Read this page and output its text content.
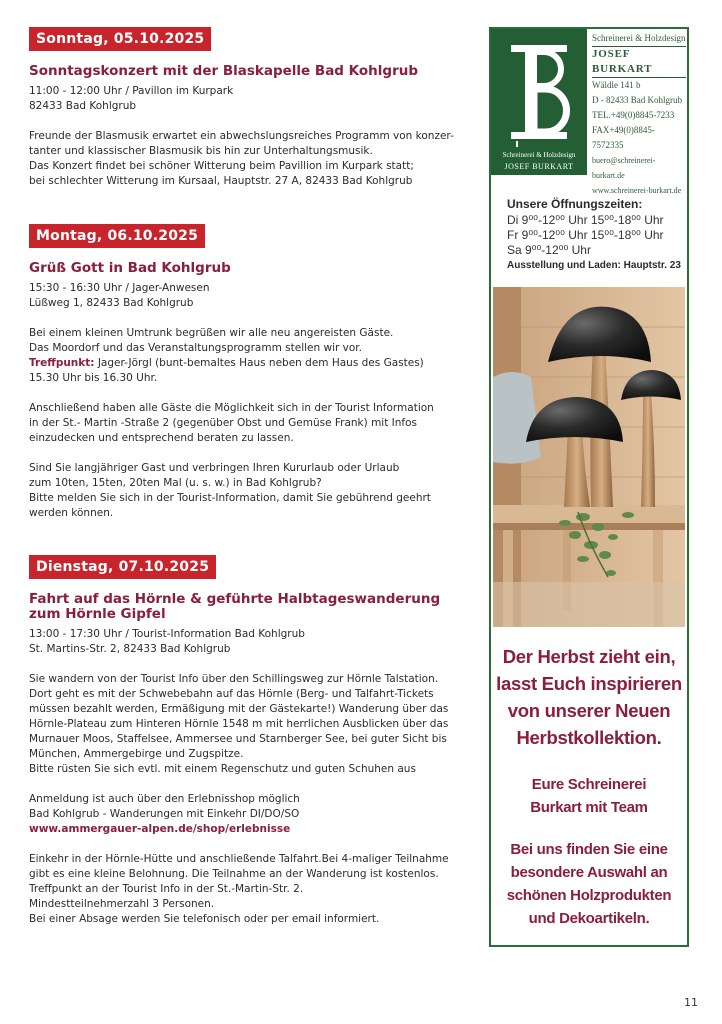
Sonntag, 05.10.2025
Sonntagskonzert mit der Blaskapelle Bad Kohlgrub

11:00 - 12:00 Uhr / Pavillon im Kurpark

82433 Bad Kohlgrub

Freunde der Blasmusik erwartet ein abwechslungsreiches Programm von konzer-

tanter und klassischer Blasmusik bis hin zur Unterhaltungsmusik.

Das Konzert findet bei schöner Witterung beim Pavillion im Kurpark statt;

bei schlechter Witterung im Kursaal, Hauptstr. 27 A, 82433 Bad Kohlgrub

Montag, 06.10.2025
Grüß Gott in Bad Kohlgrub

15:30 - 16:30 Uhr / Jager-Anwesen

Lüßweg 1, 82433 Bad Kohlgrub

Bei einem kleinen Umtrunk begrüßen wir alle neu angereisten Gäste.

Das Moordorf und das Veranstaltungsprogramm stellen wir vor.

Treffpunkt: Jager-Jörgl (bunt-bemaltes Haus neben dem Haus des Gastes)

15.30 Uhr bis 16.30 Uhr.

Anschließend haben alle Gäste die Möglichkeit sich in der Tourist Information

in der St.- Martin -Straße 2 (gegenüber Obst und Gemüse Frank) mit Infos

einzudecken und entsprechend beraten zu lassen.

Sind Sie langjähriger Gast und verbringen Ihren Kururlaub oder Urlaub

zum 10ten, 15ten, 20ten Mal (u. s. w.) in Bad Kohlgrub?

Bitte melden Sie sich in der Tourist-Information, damit Sie gebührend geehrt

werden können.

Dienstag, 07.10.2025
Fahrt auf das Hörnle & geführte Halbtageswanderung
zum Hörnle Gipfel

13:00 - 17:30 Uhr / Tourist-Information Bad Kohlgrub

St. Martins-Str. 2, 82433 Bad Kohlgrub

Sie wandern von der Tourist Info über den Schillingsweg zur Hörnle Talstation.

Dort geht es mit der Schwebebahn auf das Hörnle (Berg- und Talfahrt-Tickets

müssen bezahlt werden, Ermäßigung mit der Gästekarte!) Wanderung über das

Hörnle-Plateau zum Hinteren Hörnle 1548 m mit herrlichen Ausblicken über das

Murnauer Moos, Staffelsee, Ammersee und Starnberger See, bei guter Sicht bis

München, Ammergebirge und Zugspitze.

Bitte rüsten Sie sich evtl. mit einem Regenschutz und guten Schuhen aus

Anmeldung ist auch über den Erlebnisshop möglich

Bad Kohlgrub - Wanderungen mit Einkehr DI/DO/SO

www.ammergauer-alpen.de/shop/erlebnisse

Einkehr in der Hörnle-Hütte und anschließende Talfahrt.Bei 4-maliger Teilnahme

gibt es eine kleine Belohnung. Die Teilnahme an der Wanderung ist kostenlos.

Treffpunkt an der Tourist Info in der St.-Martin-Str. 2.

Mindestteilnehmerzahl 3 Personen.

Bei einer Absage werden Sie telefonisch oder per email informiert.

Schreinerei & Holzdesign
JOSEF BURKART
Schreinerei & Holzdesign
JOSEF BURKART
Wäldle 141 b
D - 82433 Bad Kohlgrub
TEL.+49(0)8845-7233
FAX+49(0)8845-7572335
buero@schreinerei-burkart.de
www.schreinerei-burkart.de
Unsere Öffnungszeiten:
Di 9⁰⁰-12⁰⁰ Uhr 15⁰⁰-18⁰⁰ Uhr
Fr 9⁰⁰-12⁰⁰ Uhr 15⁰⁰-18⁰⁰ Uhr
Sa 9⁰⁰-12⁰⁰ Uhr
Ausstellung und Laden: Hauptstr. 23
Der Herbst zieht ein,
lasst Euch inspirieren
von unserer Neuen
Herbstkollektion.
Eure Schreinerei
Burkart mit Team
Bei uns finden Sie eine
besondere Auswahl an
schönen Holzprodukten
und Dekoartikeln.
11
